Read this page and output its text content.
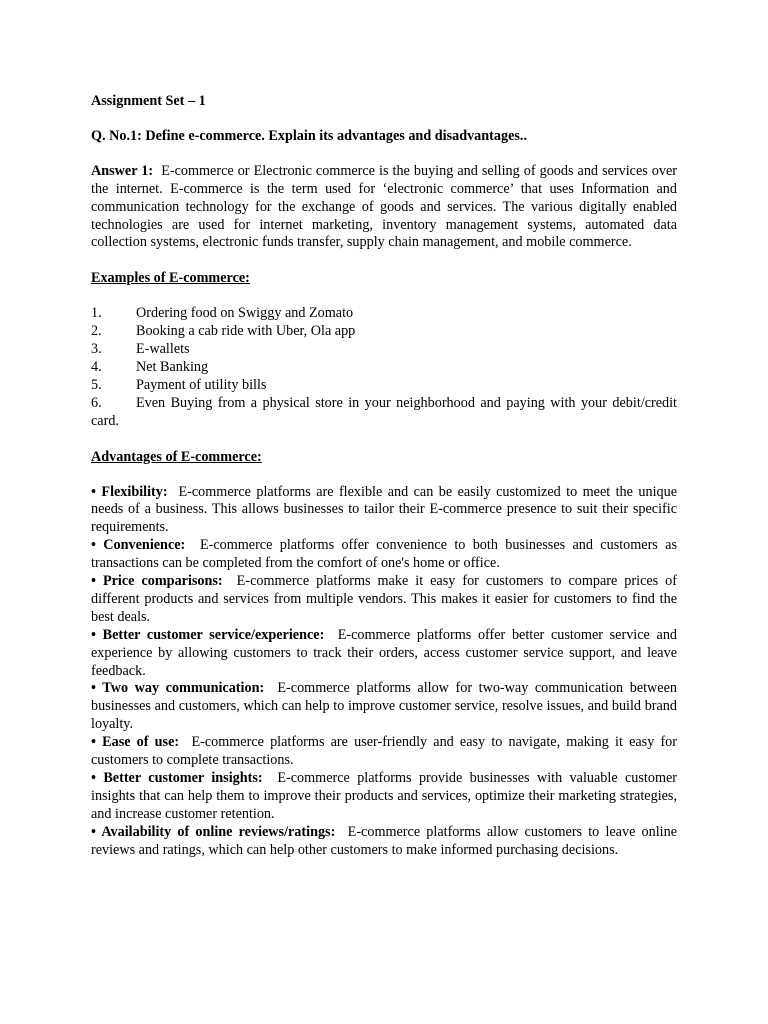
Assignment Set – 1

Q. No.1: Define e-commerce. Explain its advantages and disadvantages..

Answer 1: E-commerce or Electronic commerce is the buying and selling of goods and services over the internet. E-commerce is the term used for ‘electronic commerce’ that uses Information and communication technology for the exchange of goods and services. The various digitally enabled technologies are used for internet marketing, inventory management systems, automated data collection systems, electronic funds transfer, supply chain management, and mobile commerce.

Examples of E-commerce:

1.	Ordering food on Swiggy and Zomato
2.	Booking a cab ride with Uber, Ola app
3.	E-wallets
4.	Net Banking
5.	Payment of utility bills
6. Even Buying from a physical store in your neighborhood and paying with your debit/credit card.

Advantages of E-commerce:

• Flexibility: E-commerce platforms are flexible and can be easily customized to meet the unique needs of a business. This allows businesses to tailor their E-commerce presence to suit their specific requirements.

• Convenience: E-commerce platforms offer convenience to both businesses and customers as transactions can be completed from the comfort of one's home or office.

• Price comparisons: E-commerce platforms make it easy for customers to compare prices of different products and services from multiple vendors. This makes it easier for customers to find the best deals.

• Better customer service/experience: E-commerce platforms offer better customer service and experience by allowing customers to track their orders, access customer service support, and leave feedback.

• Two way communication: E-commerce platforms allow for two-way communication between businesses and customers, which can help to improve customer service, resolve issues, and build brand loyalty.

• Ease of use: E-commerce platforms are user-friendly and easy to navigate, making it easy for customers to complete transactions.

• Better customer insights: E-commerce platforms provide businesses with valuable customer insights that can help them to improve their products and services, optimize their marketing strategies, and increase customer retention.

• Availability of online reviews/ratings: E-commerce platforms allow customers to leave online reviews and ratings, which can help other customers to make informed purchasing decisions.
